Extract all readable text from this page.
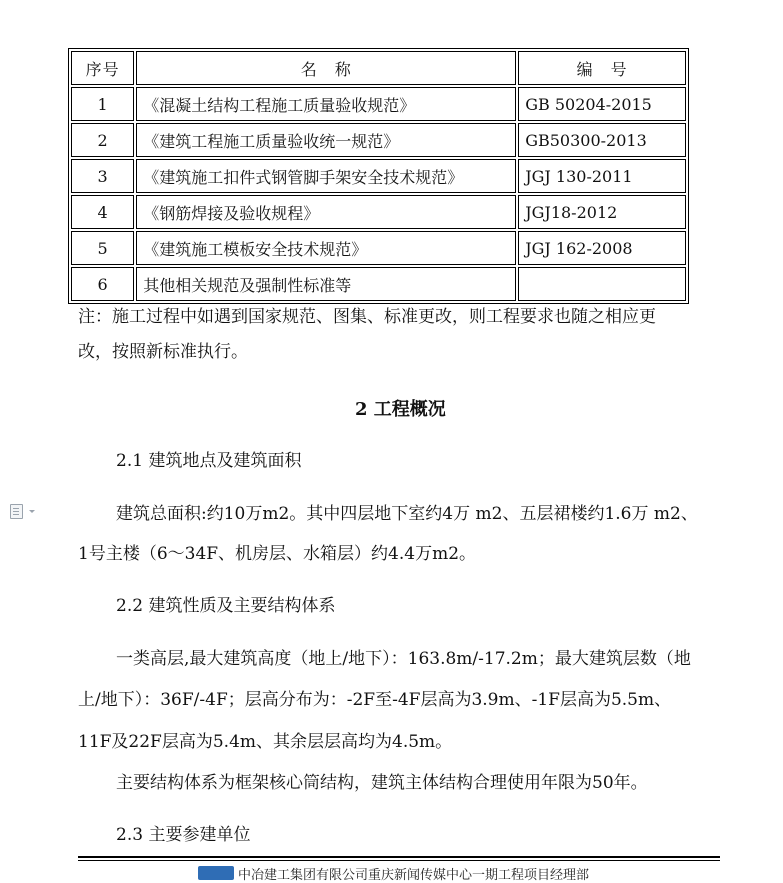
序号	名　称	编　号
1	《混凝土结构工程施工质量验收规范》	GB 50204-2015
2	《建筑工程施工质量验收统一规范》	GB50300-2013
3	《建筑施工扣件式钢管脚手架安全技术规范》	JGJ 130-2011
4	《钢筋焊接及验收规程》	JGJ18-2012
5	《建筑施工模板安全技术规范》	JGJ 162-2008
6	其他相关规范及强制性标准等	
注：施工过程中如遇到国家规范、图集、标准更改，则工程要求也随之相应更
改，按照新标准执行。
2 工程概况
2.1 建筑地点及建筑面积
建筑总面积:约10万m2。其中四层地下室约4万 m2、五层裙楼约1.6万 m2、
1号主楼（6～34F、机房层、水箱层）约4.4万m2。
2.2 建筑性质及主要结构体系
一类高层,最大建筑高度（地上/地下）：163.8m/-17.2m；最大建筑层数（地
上/地下）：36F/-4F；层高分布为：-2F至-4F层高为3.9m、-1F层高为5.5m、
11F及22F层高为5.4m、其余层层高均为4.5m。
主要结构体系为框架核心筒结构，建筑主体结构合理使用年限为50年。
2.3 主要参建单位
中冶建工集团有限公司重庆新闻传媒中心一期工程项目经理部
